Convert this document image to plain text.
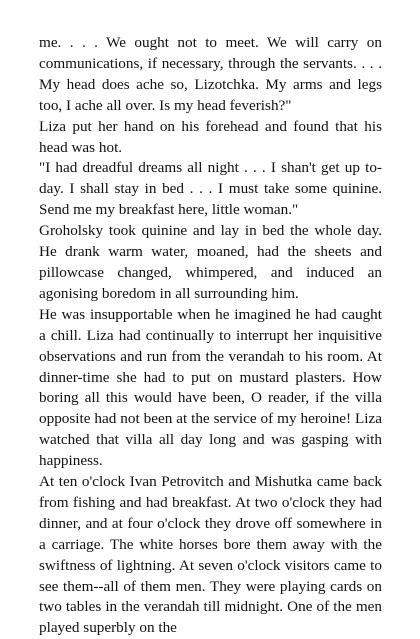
me. . . . We ought not to meet. We will carry on communications, if necessary, through the servants. . . . My head does ache so, Lizotchka. My arms and legs too, I ache all over. Is my head feverish?"

Liza put her hand on his forehead and found that his head was hot.

"I had dreadful dreams all night . . . I shan't get up to-day. I shall stay in bed . . . I must take some quinine. Send me my breakfast here, little woman."

Groholsky took quinine and lay in bed the whole day. He drank warm water, moaned, had the sheets and pillowcase changed, whimpered, and induced an agonising boredom in all surrounding him.

He was insupportable when he imagined he had caught a chill. Liza had continually to interrupt her inquisitive observations and run from the verandah to his room. At dinner-time she had to put on mustard plasters. How boring all this would have been, O reader, if the villa opposite had not been at the service of my heroine! Liza watched that villa all day long and was gasping with happiness.

At ten o'clock Ivan Petrovitch and Mishutka came back from fishing and had breakfast. At two o'clock they had dinner, and at four o'clock they drove off somewhere in a carriage. The white horses bore them away with the swiftness of lightning. At seven o'clock visitors came to see them--all of them men. They were playing cards on two tables in the verandah till midnight. One of the men played superbly on the
